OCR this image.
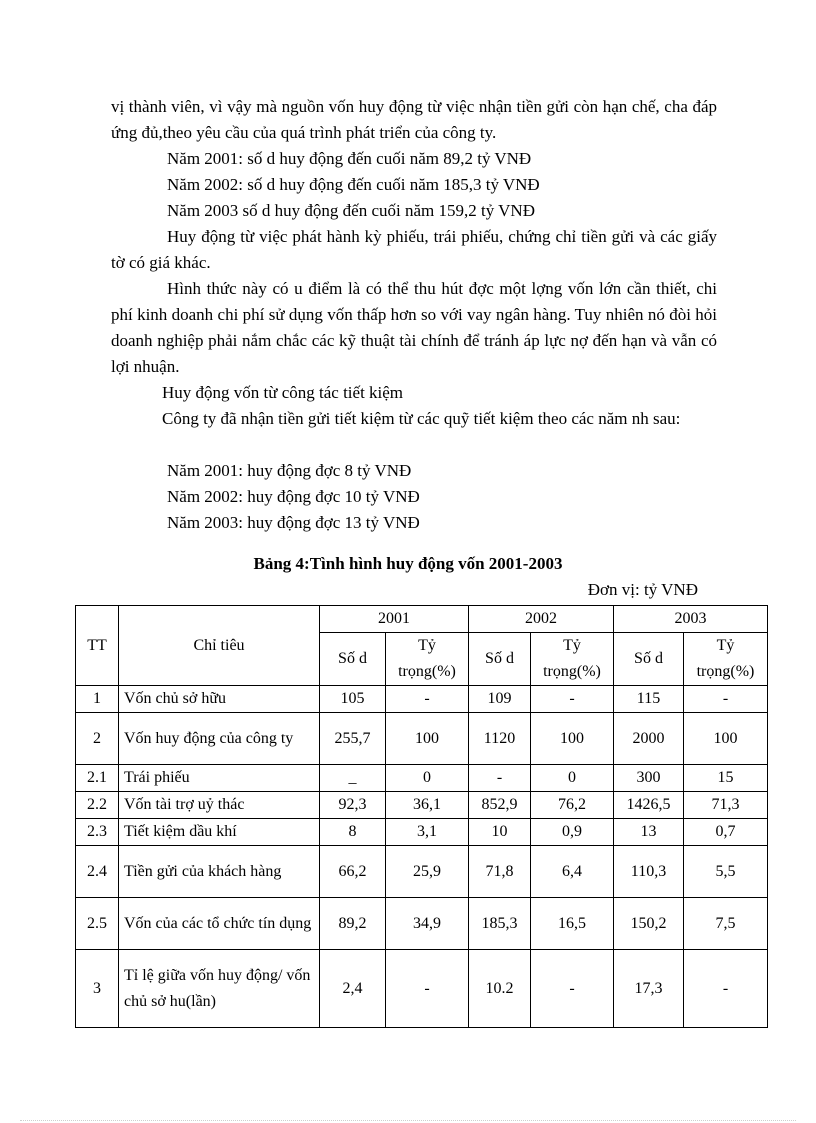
vị thành viên, vì vậy mà nguồn vốn huy động từ việc nhận tiền gửi còn hạn chế, cha đáp ứng đủ,theo yêu cầu của quá trình phát triển của công ty.
Năm 2001: số d huy động đến cuối năm 89,2 tỷ VNĐ
Năm 2002: số d huy động đến cuối năm 185,3 tỷ VNĐ
Năm 2003 số d huy động đến cuối năm 159,2 tỷ VNĐ
Huy động từ việc phát hành kỳ phiếu, trái phiếu, chứng chỉ tiền gửi và các giấy tờ có giá khác.
Hình thức này có u điểm là có thể thu hút đợc một lợng vốn lớn cần thiết, chi phí kinh doanh chi phí sử dụng vốn thấp hơn so với vay ngân hàng. Tuy nhiên nó đòi hỏi doanh nghiệp phải nắm chắc các kỹ thuật tài chính để tránh áp lực nợ đến hạn và vẫn có lợi nhuận.
Huy động vốn từ công tác tiết kiệm
Công ty đã nhận tiền gửi tiết kiệm từ các quỹ tiết kiệm theo các năm nh sau:
Năm 2001: huy động đợc 8 tỷ VNĐ
Năm 2002: huy động đợc 10 tỷ VNĐ
Năm 2003: huy động đợc 13 tỷ VNĐ
Bảng 4:Tình hình huy động vốn 2001-2003
Đơn vị: tỷ VNĐ
TT	Chỉ tiêu	2001		2002		2003	
		Số d	Tỷ trọng(%)	Số d	Tỷ trọng(%)	Số d	Tỷ trọng(%)
1	Vốn chủ sở hữu	105	-	109	-	115	-
2	Vốn huy động của công ty	255,7	100	1120	100	2000	100
2.1	Trái phiếu	_	0	-	0	300	15
2.2	Vốn tài trợ uỷ thác	92,3	36,1	852,9	76,2	1426,5	71,3
2.3	Tiết kiệm dầu khí	8	3,1	10	0,9	13	0,7
2.4	Tiền gửi của khách hàng	66,2	25,9	71,8	6,4	110,3	5,5
2.5	Vốn của các tổ chức tín dụng	89,2	34,9	185,3	16,5	150,2	7,5
3	Tỉ lệ giữa vốn huy động/ vốn chủ sở hu(lần)	2,4	-	10.2	-	17,3	-
